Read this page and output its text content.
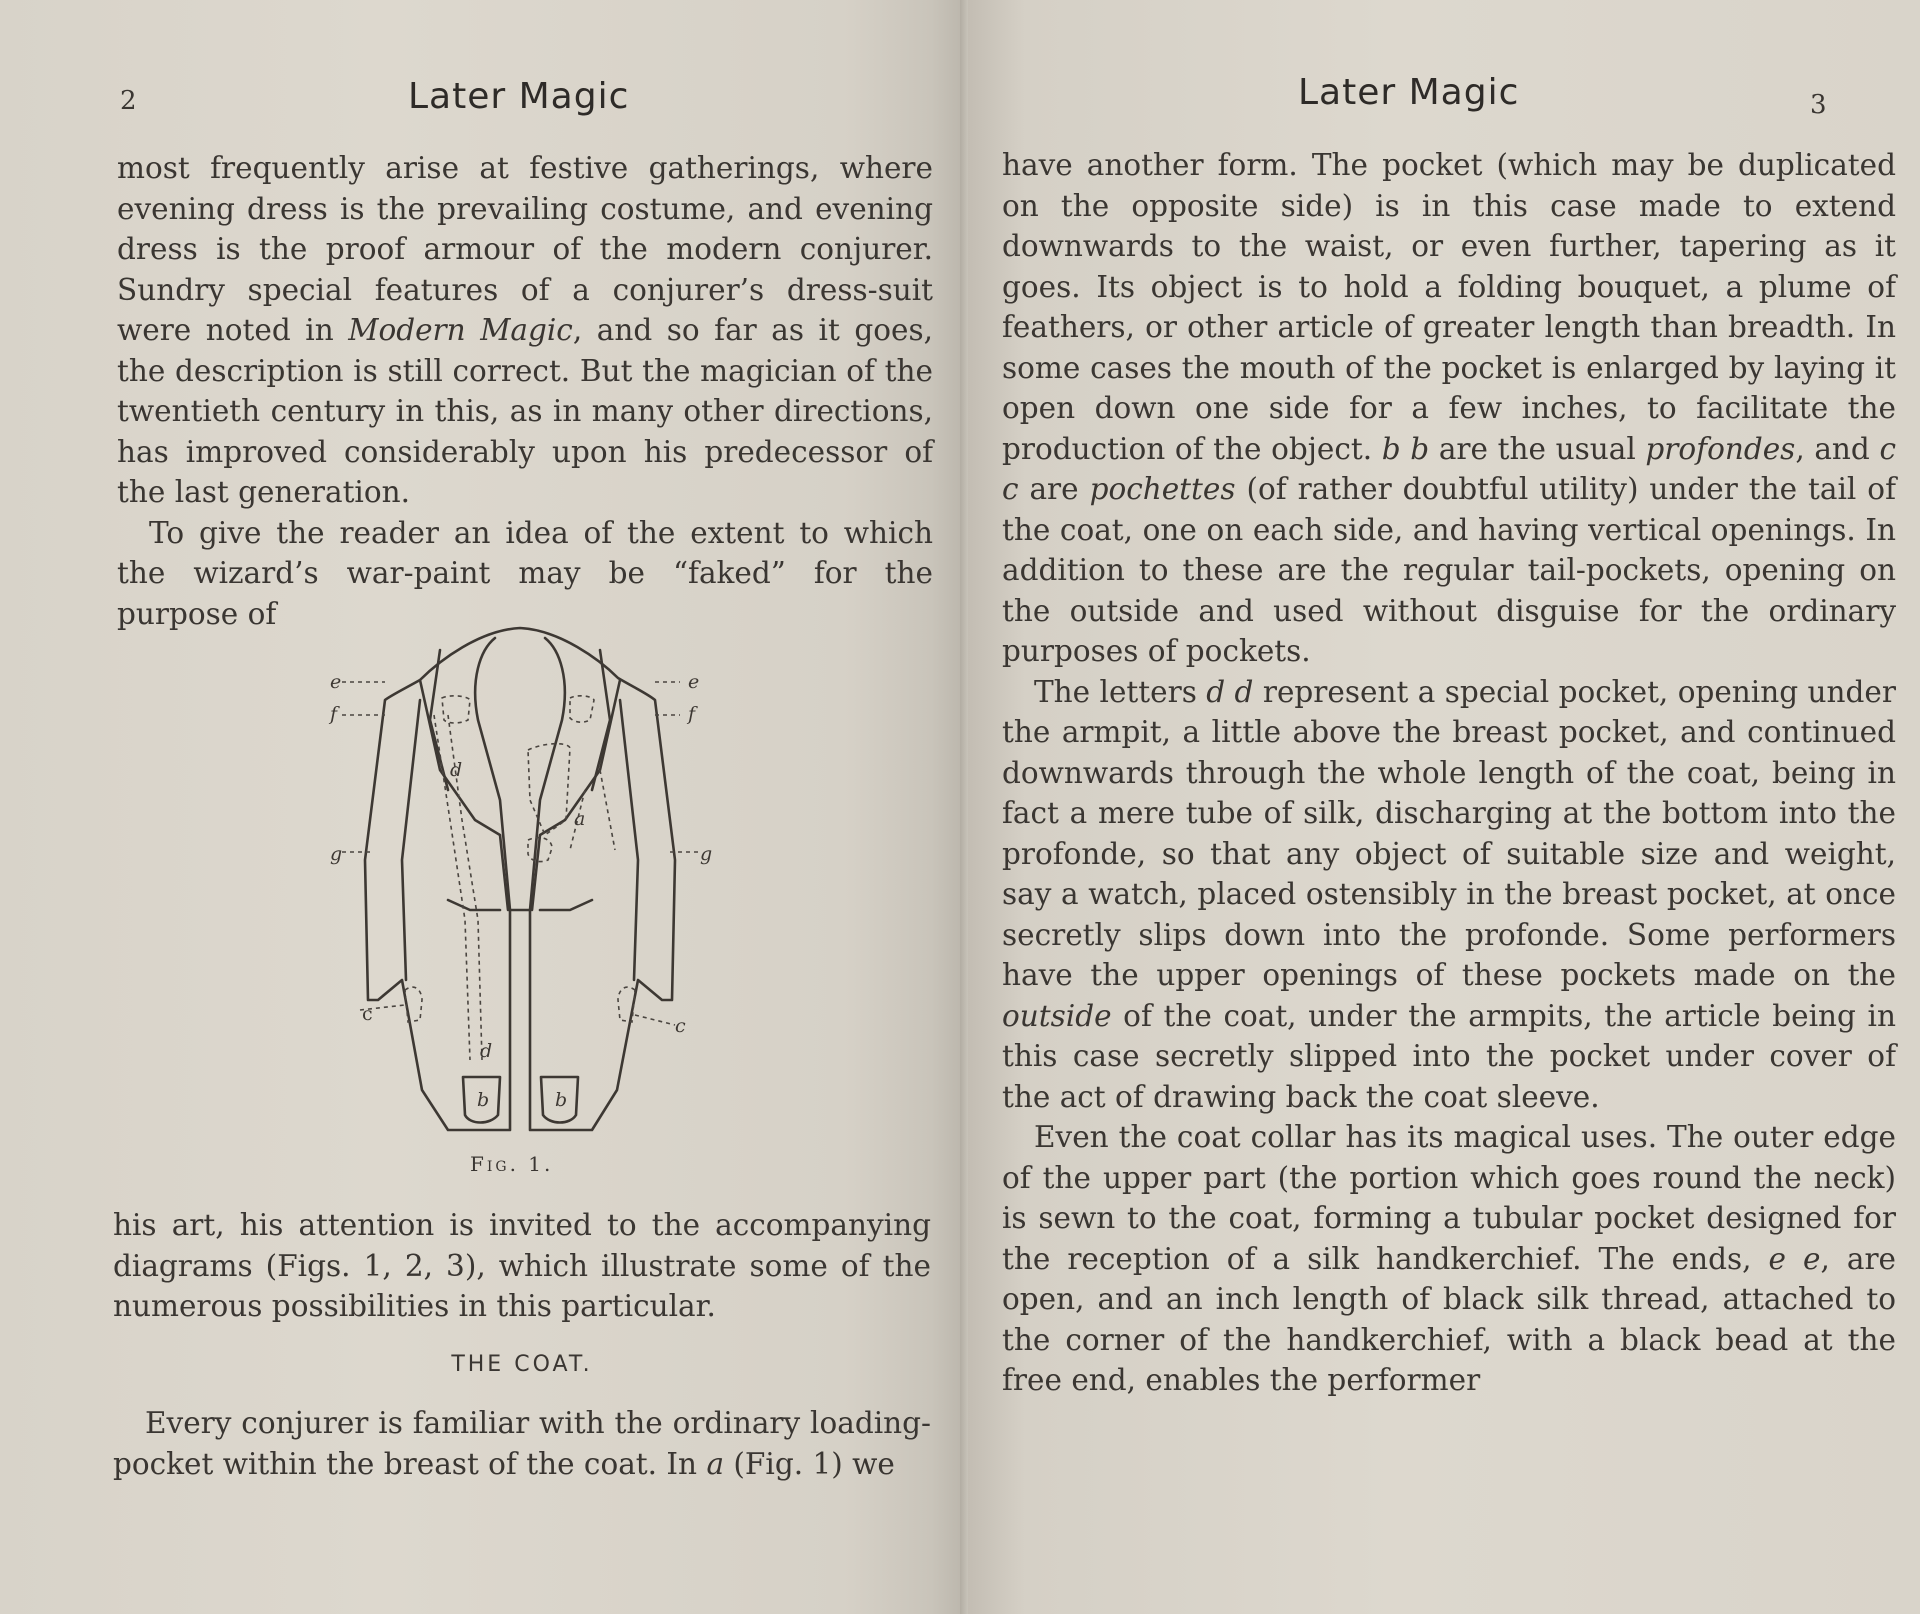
2	Later Magic

most frequently arise at festive gatherings, where evening dress is the prevailing costume, and evening dress is the proof armour of the modern conjurer. Sundry special features of a conjurer’s dress-suit were noted in Modern Magic, and so far as it goes, the description is still correct. But the magician of the twentieth century in this, as in many other directions, has improved considerably upon his predecessor of the last generation.

To give the reader an idea of the extent to which the wizard’s war-paint may be “faked” for the purpose of

e
f
e
f
g	g
c
c
a
d
d
b	b
Fig. 1.

his art, his attention is invited to the accompanying diagrams (Figs. 1, 2, 3), which illustrate some of the numerous possibilities in this particular.

THE COAT.

Every conjurer is familiar with the ordinary loading-pocket within the breast of the coat. In a (Fig. 1) we

Later Magic	3

have another form. The pocket (which may be duplicated on the opposite side) is in this case made to extend downwards to the waist, or even further, tapering as it goes. Its object is to hold a folding bouquet, a plume of feathers, or other article of greater length than breadth. In some cases the mouth of the pocket is enlarged by laying it open down one side for a few inches, to facilitate the production of the object. b b are the usual profondes, and c c are pochettes (of rather doubtful utility) under the tail of the coat, one on each side, and having vertical openings. In addition to these are the regular tail-pockets, opening on the outside and used without disguise for the ordinary purposes of pockets.

The letters d d represent a special pocket, opening under the armpit, a little above the breast pocket, and continued downwards through the whole length of the coat, being in fact a mere tube of silk, discharging at the bottom into the profonde, so that any object of suitable size and weight, say a watch, placed ostensibly in the breast pocket, at once secretly slips down into the profonde. Some performers have the upper openings of these pockets made on the outside of the coat, under the armpits, the article being in this case secretly slipped into the pocket under cover of the act of drawing back the coat sleeve.

Even the coat collar has its magical uses. The outer edge of the upper part (the portion which goes round the neck) is sewn to the coat, forming a tubular pocket designed for the reception of a silk handkerchief. The ends, e e, are open, and an inch length of black silk thread, attached to the corner of the handkerchief, with a black bead at the free end, enables the performer
